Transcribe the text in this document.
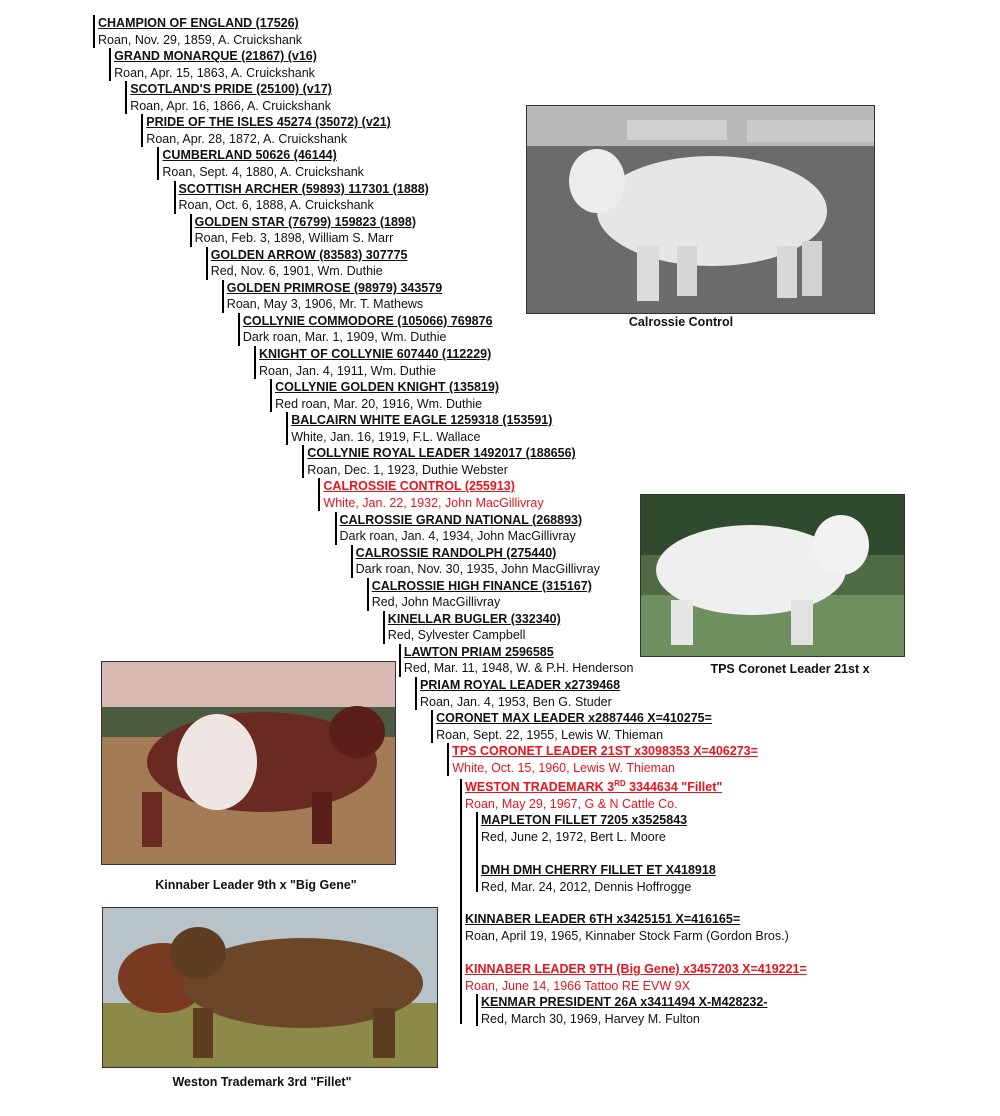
CHAMPION OF ENGLAND (17526)
Roan, Nov. 29, 1859, A. Cruickshank
GRAND MONARQUE (21867) (v16)
Roan, Apr. 15, 1863, A. Cruickshank
SCOTLAND'S PRIDE (25100) (v17)
Roan, Apr. 16, 1866, A. Cruickshank
PRIDE OF THE ISLES 45274 (35072) (v21)
Roan, Apr. 28, 1872, A. Cruickshank
CUMBERLAND 50626 (46144)
Roan, Sept. 4, 1880, A. Cruickshank
SCOTTISH ARCHER (59893) 117301 (1888)
Roan, Oct. 6, 1888, A. Cruickshank
GOLDEN STAR (76799) 159823 (1898)
Roan, Feb. 3, 1898, William S. Marr
GOLDEN ARROW (83583) 307775
Red, Nov. 6, 1901, Wm. Duthie
GOLDEN PRIMROSE (98979) 343579
Roan, May 3, 1906, Mr. T. Mathews
COLLYNIE COMMODORE (105066) 769876
Dark roan, Mar. 1, 1909, Wm. Duthie
KNIGHT OF COLLYNIE 607440 (112229)
Roan, Jan. 4, 1911, Wm. Duthie
COLLYNIE GOLDEN KNIGHT (135819)
Red roan, Mar. 20, 1916, Wm. Duthie
BALCAIRN WHITE EAGLE 1259318 (153591)
White, Jan. 16, 1919, F.L. Wallace
COLLYNIE ROYAL LEADER 1492017 (188656)
Roan, Dec. 1, 1923, Duthie Webster
CALROSSIE CONTROL (255913)
White, Jan. 22, 1932, John MacGillivray
CALROSSIE GRAND NATIONAL (268893)
Dark roan, Jan. 4, 1934, John MacGillivray
CALROSSIE RANDOLPH (275440)
Dark roan, Nov. 30, 1935, John MacGillivray
CALROSSIE HIGH FINANCE (315167)
Red, John MacGillivray
KINELLAR BUGLER (332340)
Red, Sylvester Campbell
LAWTON PRIAM 2596585
Red, Mar. 11, 1948, W. & P.H. Henderson
PRIAM ROYAL LEADER x2739468
Roan, Jan. 4, 1953, Ben G. Studer
CORONET MAX LEADER x2887446 X=410275=
Roan, Sept. 22, 1955, Lewis W. Thieman
TPS CORONET LEADER 21ST x3098353 X=406273=
White, Oct. 15, 1960, Lewis W. Thieman
Calrossie Control
TPS Coronet Leader 21st x
Kinnaber Leader 9th x "Big Gene"
Weston Trademark 3rd "Fillet"
WESTON TRADEMARK 3RD 3344634 "Fillet"
Roan, May 29, 1967, G & N Cattle Co.
MAPLETON FILLET 7205 x3525843
Red, June 2, 1972, Bert L. Moore
DMH DMH CHERRY FILLET ET X418918
Red, Mar. 24, 2012, Dennis Hoffrogge
KINNABER LEADER 6TH x3425151 X=416165=
Roan, April 19, 1965, Kinnaber Stock Farm (Gordon Bros.)
KINNABER LEADER 9TH (Big Gene) x3457203 X=419221=
Roan, June 14, 1966 Tattoo RE EVW 9X
KENMAR PRESIDENT 26A x3411494 X-M428232-
Red, March 30, 1969, Harvey M. Fulton
